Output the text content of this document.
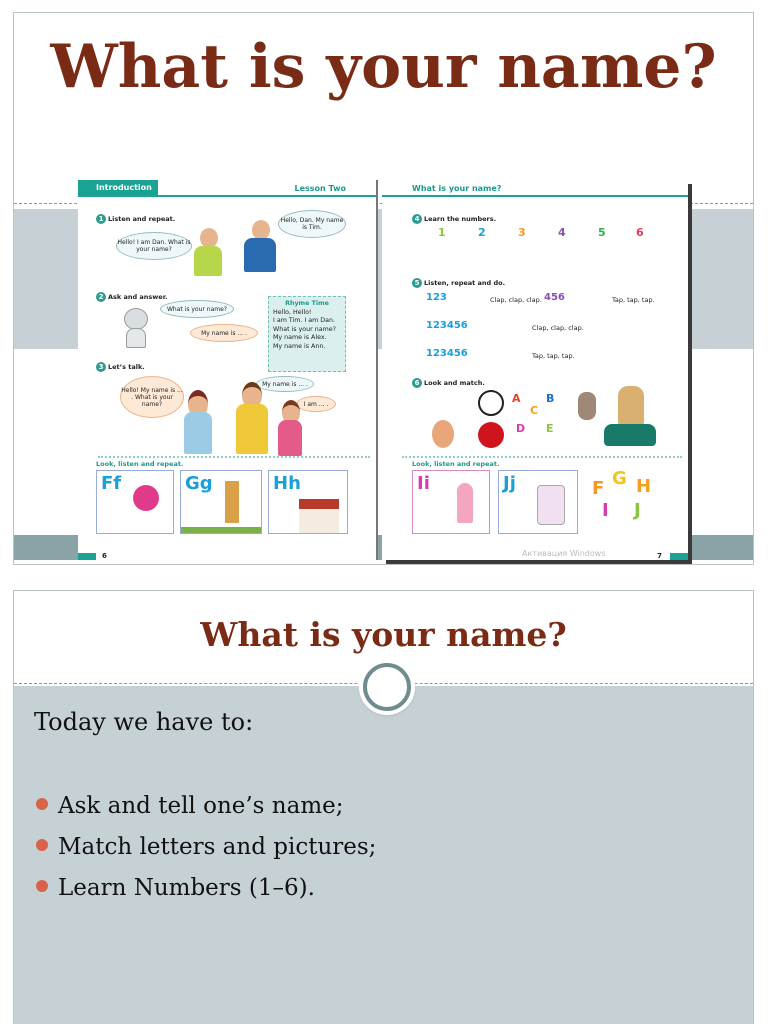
What is your name?
Introduction	Lesson Two
1 Listen and repeat.	Hello, Dan. My name is Tim.
Hello! I am Dan. What is your name?
2 Ask and answer.
What is your name?
My name is ... .
Rhyme Time
Hello, Hello!
I am Tim. I am Dan.
What is your name?
My name is Alex.
My name is Ann.
3 Let’s talk.
Hello! My name is ... . What is your name?
My name is ... .
I am ... .
Look, listen and repeat.
Ff	Gg	Hh
6
What is your name?
4 Learn the numbers.
1	2	3	4	5	6
5 Listen, repeat and do.
123	Clap, clap, clap. 456	Tap, tap, tap.
123456	Clap, clap, clap.
123456	Tap, tap, tap.
6 Look and match.
A B
C
D E
Look, listen and repeat.
Ii	Jj	F G H
I J
Активация Windows	7
What is your name?
Today we have to:
Ask and tell one’s name;
Match letters and pictures;
Learn Numbers (1–6).
